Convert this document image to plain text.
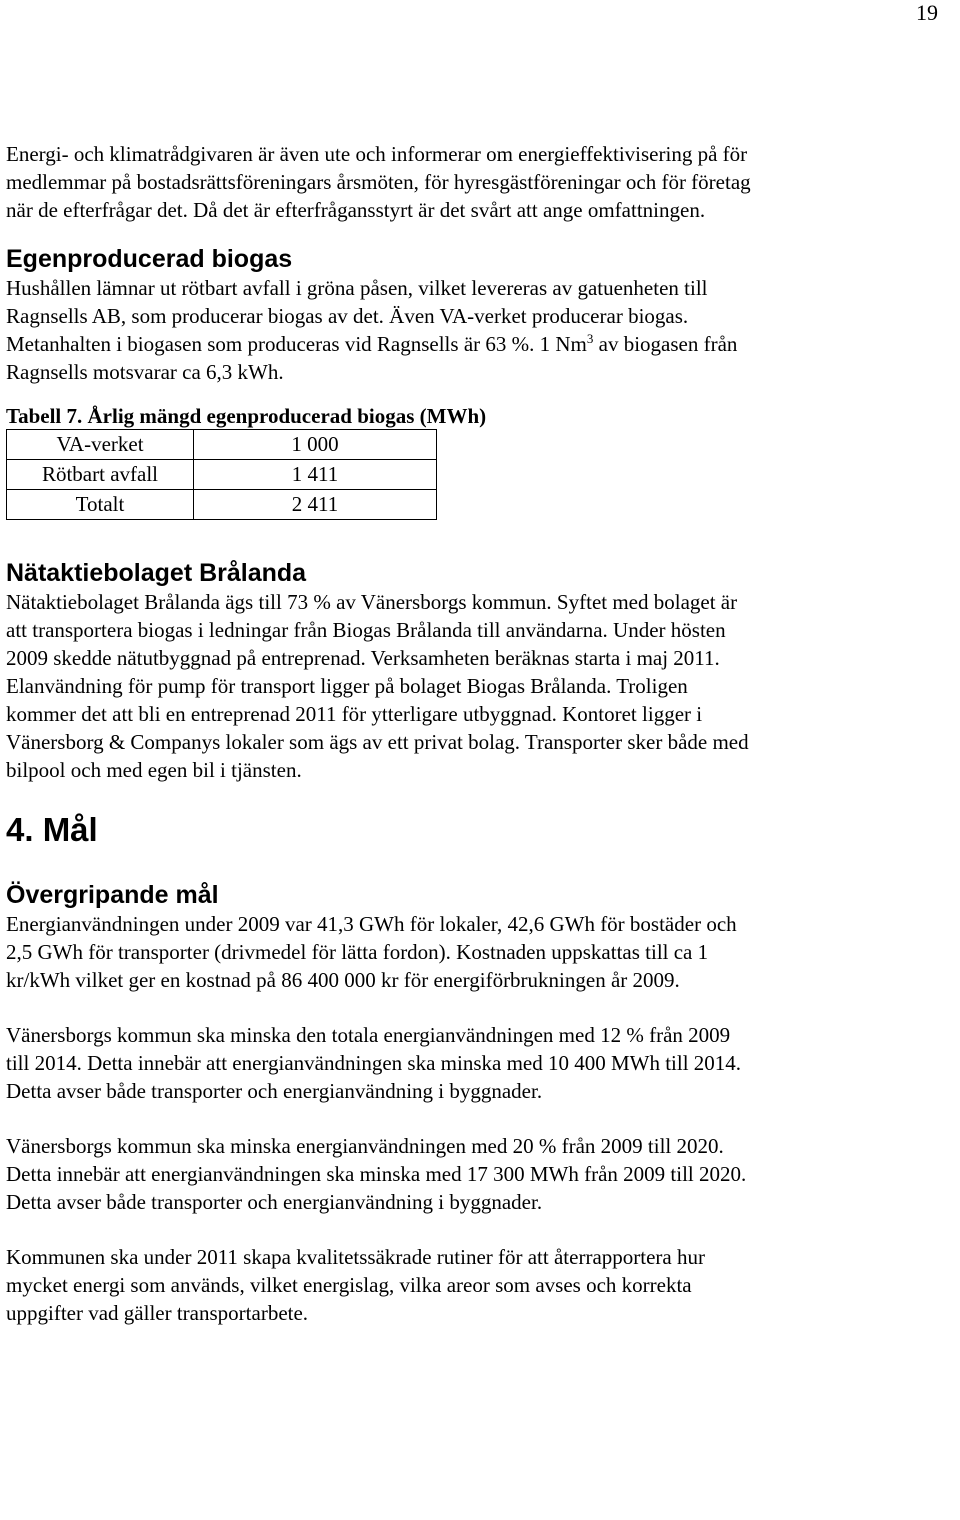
19

Energi- och klimatrådgivaren är även ute och informerar om energieffektivisering på för medlemmar på bostadsrättsföreningars årsmöten, för hyresgästföreningar och för företag när de efterfrågar det. Då det är efterfrågansstyrt är det svårt att ange omfattningen.

Egenproducerad biogas

Hushållen lämnar ut rötbart avfall i gröna påsen, vilket levereras av gatuenheten till Ragnsells AB, som producerar biogas av det. Även VA-verket producerar biogas. Metanhalten i biogasen som produceras vid Ragnsells är 63 %. 1 Nm$^3$ av biogasen från Ragnsells motsvarar ca 6,3 kWh.

Tabell 7. Årlig mängd egenproducerad biogas (MWh)
VA-verket	1 000
Rötbart avfall	1 411
Totalt	2 411
Nätaktiebolaget Brålanda

Nätaktiebolaget Brålanda ägs till 73 % av Vänersborgs kommun. Syftet med bolaget är att transportera biogas i ledningar från Biogas Brålanda till användarna. Under hösten 2009 skedde nätutbyggnad på entreprenad. Verksamheten beräknas starta i maj 2011. Elanvändning för pump för transport ligger på bolaget Biogas Brålanda. Troligen kommer det att bli en entreprenad 2011 för ytterligare utbyggnad. Kontoret ligger i Vänersborg & Companys lokaler som ägs av ett privat bolag. Transporter sker både med bilpool och med egen bil i tjänsten.

4. Mål
Övergripande mål

Energianvändningen under 2009 var 41,3 GWh för lokaler, 42,6 GWh för bostäder och 2,5 GWh för transporter (drivmedel för lätta fordon). Kostnaden uppskattas till ca 1 kr/kWh vilket ger en kostnad på 86 400 000 kr för energiförbrukningen år 2009.

Vänersborgs kommun ska minska den totala energianvändningen med 12 % från 2009 till 2014. Detta innebär att energianvändningen ska minska med 10 400 MWh till 2014. Detta avser både transporter och energianvändning i byggnader.

Vänersborgs kommun ska minska energianvändningen med 20 % från 2009 till 2020. Detta innebär att energianvändningen ska minska med 17 300 MWh från 2009 till 2020. Detta avser både transporter och energianvändning i byggnader.

Kommunen ska under 2011 skapa kvalitetssäkrade rutiner för att återrapportera hur mycket energi som används, vilket energislag, vilka areor som avses och korrekta uppgifter vad gäller transportarbete.
